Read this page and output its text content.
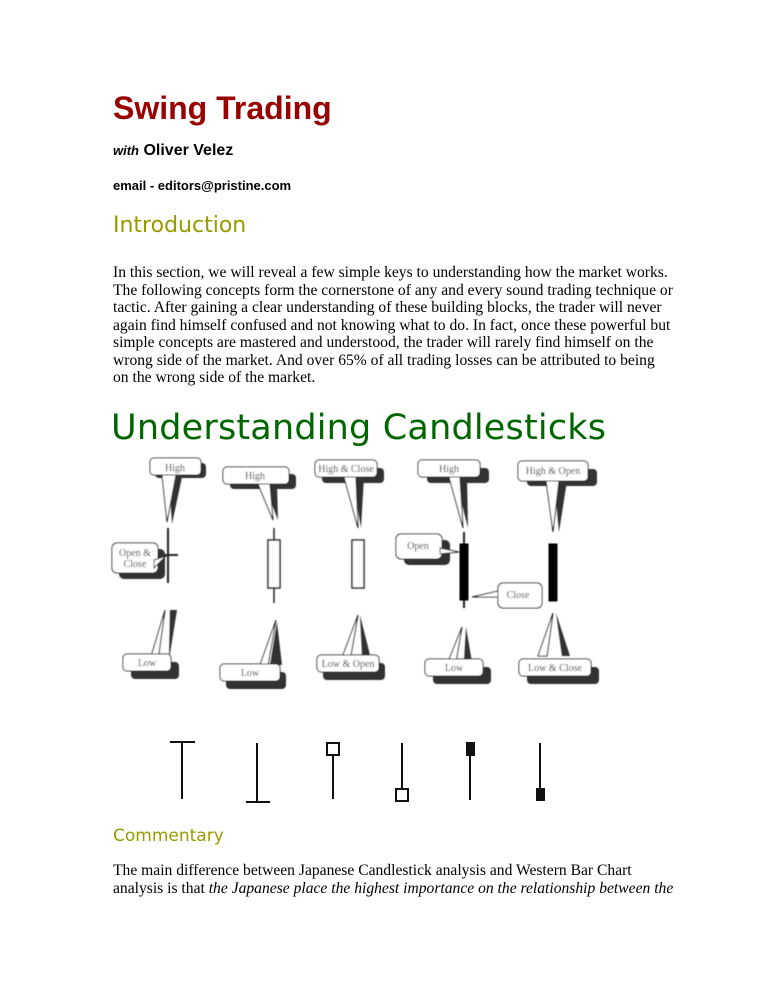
Swing Trading

with Oliver Velez

email - editors@pristine.com

Introduction

In this section, we will reveal a few simple keys to understanding how the market works.
The following concepts form the cornerstone of any and every sound trading technique or
tactic. After gaining a clear understanding of these building blocks, the trader will never
again find himself confused and not knowing what to do. In fact, once these powerful but
simple concepts are mastered and understood, the trader will rarely find himself on the
wrong side of the market. And over 65% of all trading losses can be attributed to being
on the wrong side of the market.

Understanding Candlesticks
Commentary

The main difference between Japanese Candlestick analysis and Western Bar Chart
analysis is that the Japanese place the highest importance on the relationship between the

High
Open &
Close
Low
High
Low
High & Close
Low & Open
High
Open
Close
Low
High & Open
Low & Close
